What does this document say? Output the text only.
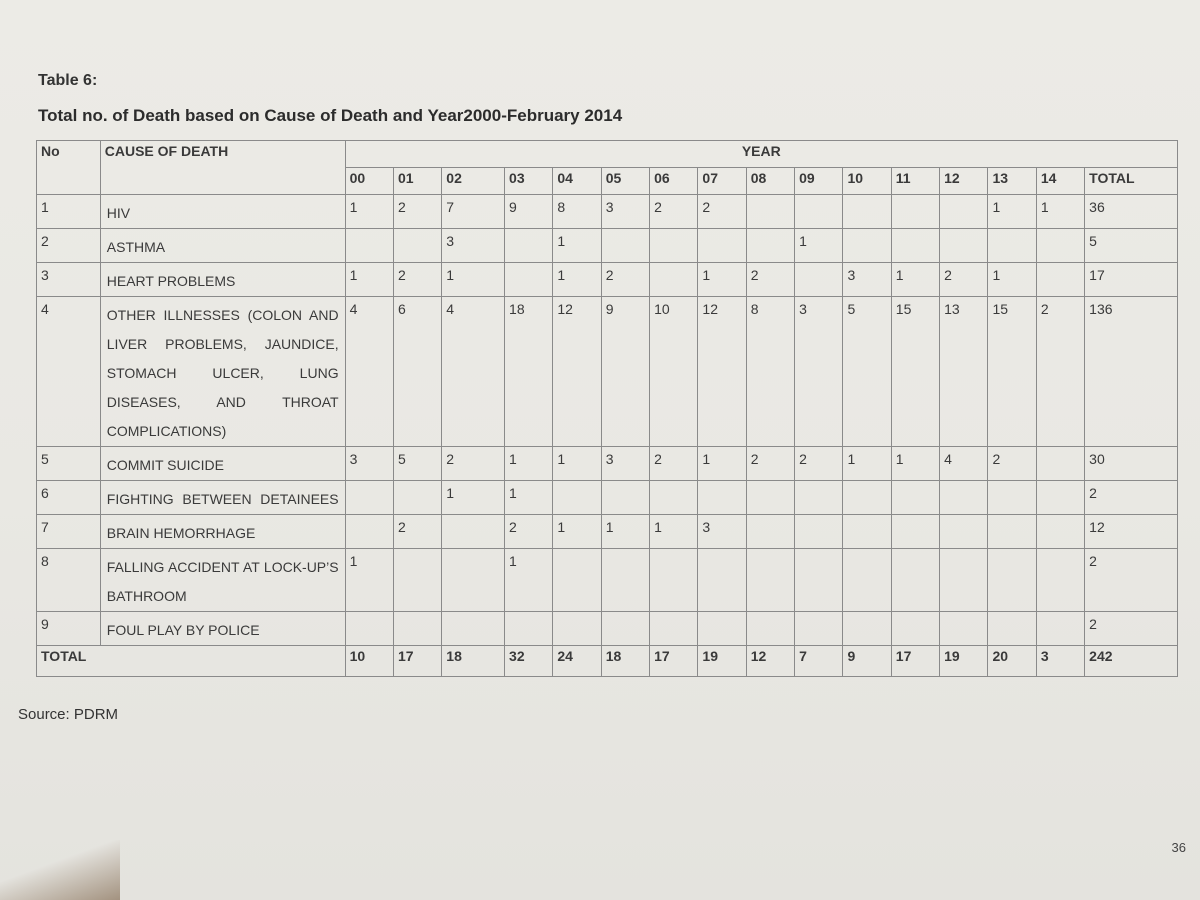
Table 6:
Total no. of Death based on Cause of Death and Year2000-February 2014
No	CAUSE OF DEATH	YEAR															
		00	01	02	03	04	05	06	07	08	09	10	11	12	13	14	TOTAL
1	HIV	1	2	7	9	8	3	2	2						1	1	36
2	ASTHMA			3		1					1						5
3	HEART PROBLEMS	1	2	1		1	2		1	2		3	1	2	1		17
4	OTHER ILLNESSES (COLON AND LIVER PROBLEMS, JAUNDICE, STOMACH ULCER, LUNG DISEASES, AND THROAT COMPLICATIONS)	4	6	4	18	12	9	10	12	8	3	5	15	13	15	2	136
5	COMMIT SUICIDE	3	5	2	1	1	3	2	1	2	2	1	1	4	2		30
6	FIGHTING BETWEEN DETAINEES			1	1												2
7	BRAIN HEMORRHAGE		2		2	1	1	1	3								12
8	FALLING ACCIDENT AT LOCK-UP’S BATHROOM	1			1												2
9	FOUL PLAY BY POLICE																2
TOTAL		10	17	18	32	24	18	17	19	12	7	9	17	19	20	3	242
Source: PDRM
36
